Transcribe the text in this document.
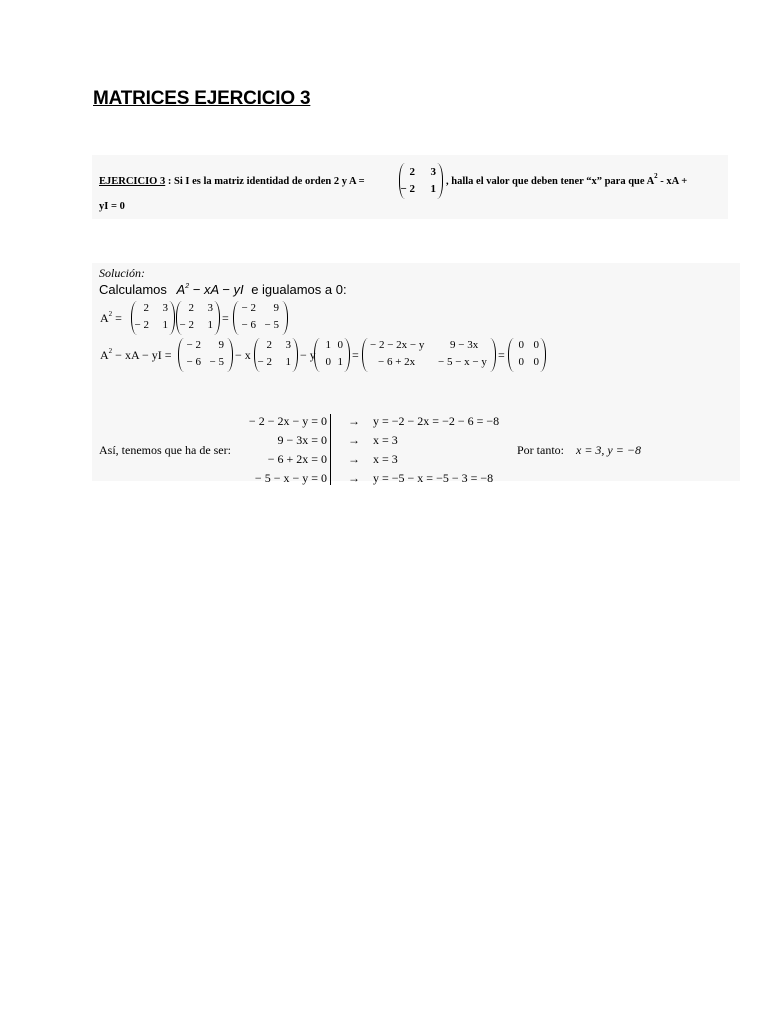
MATRICES EJERCICIO 3
EJERCICIO 3 : Si I es la matriz identidad de orden 2 y A =
2 3
− 2 1
, halla el valor que deben tener “x” para que $A^2$ - xA +
yI = 0
Solución:
Calculamos $A^2$ − xA − yI e igualamos a 0:
$A^2$ =
2 3
− 2 1
2 3
− 2 1 =
− 2 9
− 6 − 5
$A^2$ − xA − yI =
− 2 9
− 6 − 5 − x
2 3
− 2 1 − y
1 0
0 1 =
− 2 − 2x − y 9 − 3x
− 6 + 2x − 5 − x − y =
0 0
0 0
Así, tenemos que ha de ser:
− 2 − 2x − y = 0
9 − 3x = 0
− 6 + 2x = 0
− 5 − x − y = 0
→
→
→
→
y = −2 − 2x = −2 − 6 = −8
x = 3
x = 3
y = −5 − x = −5 − 3 = −8
Por tanto: x = 3, y = −8
